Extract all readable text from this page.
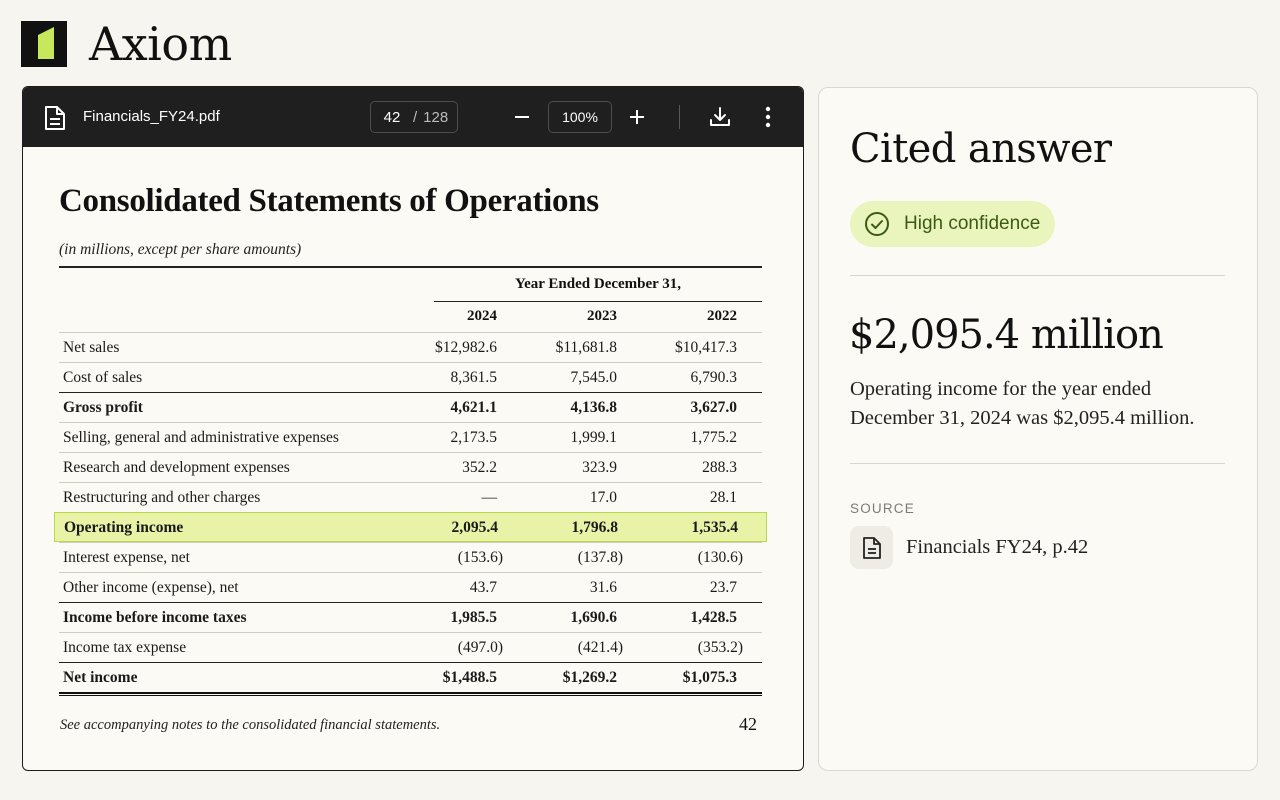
Axiom
Financials_FY24.pdf	42 / 128	100%
Consolidated Statements of Operations
(in millions, except per share amounts)
Year Ended December 31,
2024	2023	2022
Net sales	$12,982.6	$11,681.8	$10,417.3
Cost of sales	8,361.5	7,545.0	6,790.3
Gross profit	4,621.1	4,136.8	3,627.0
Selling, general and administrative expenses	2,173.5	1,999.1	1,775.2
Research and development expenses	352.2	323.9	288.3
Restructuring and other charges	—	17.0	28.1
Operating income	2,095.4	1,796.8	1,535.4
Interest expense, net	(153.6)	(137.8)	(130.6)
Other income (expense), net	43.7	31.6	23.7
Income before income taxes	1,985.5	1,690.6	1,428.5
Income tax expense	(497.0)	(421.4)	(353.2)
Net income	$1,488.5	$1,269.2	$1,075.3
See accompanying notes to the consolidated financial statements.	42
Cited answer
High confidence
$2,095.4 million
Operating income for the year ended December 31, 2024 was $2,095.4 million.
SOURCE
Financials FY24, p.42
